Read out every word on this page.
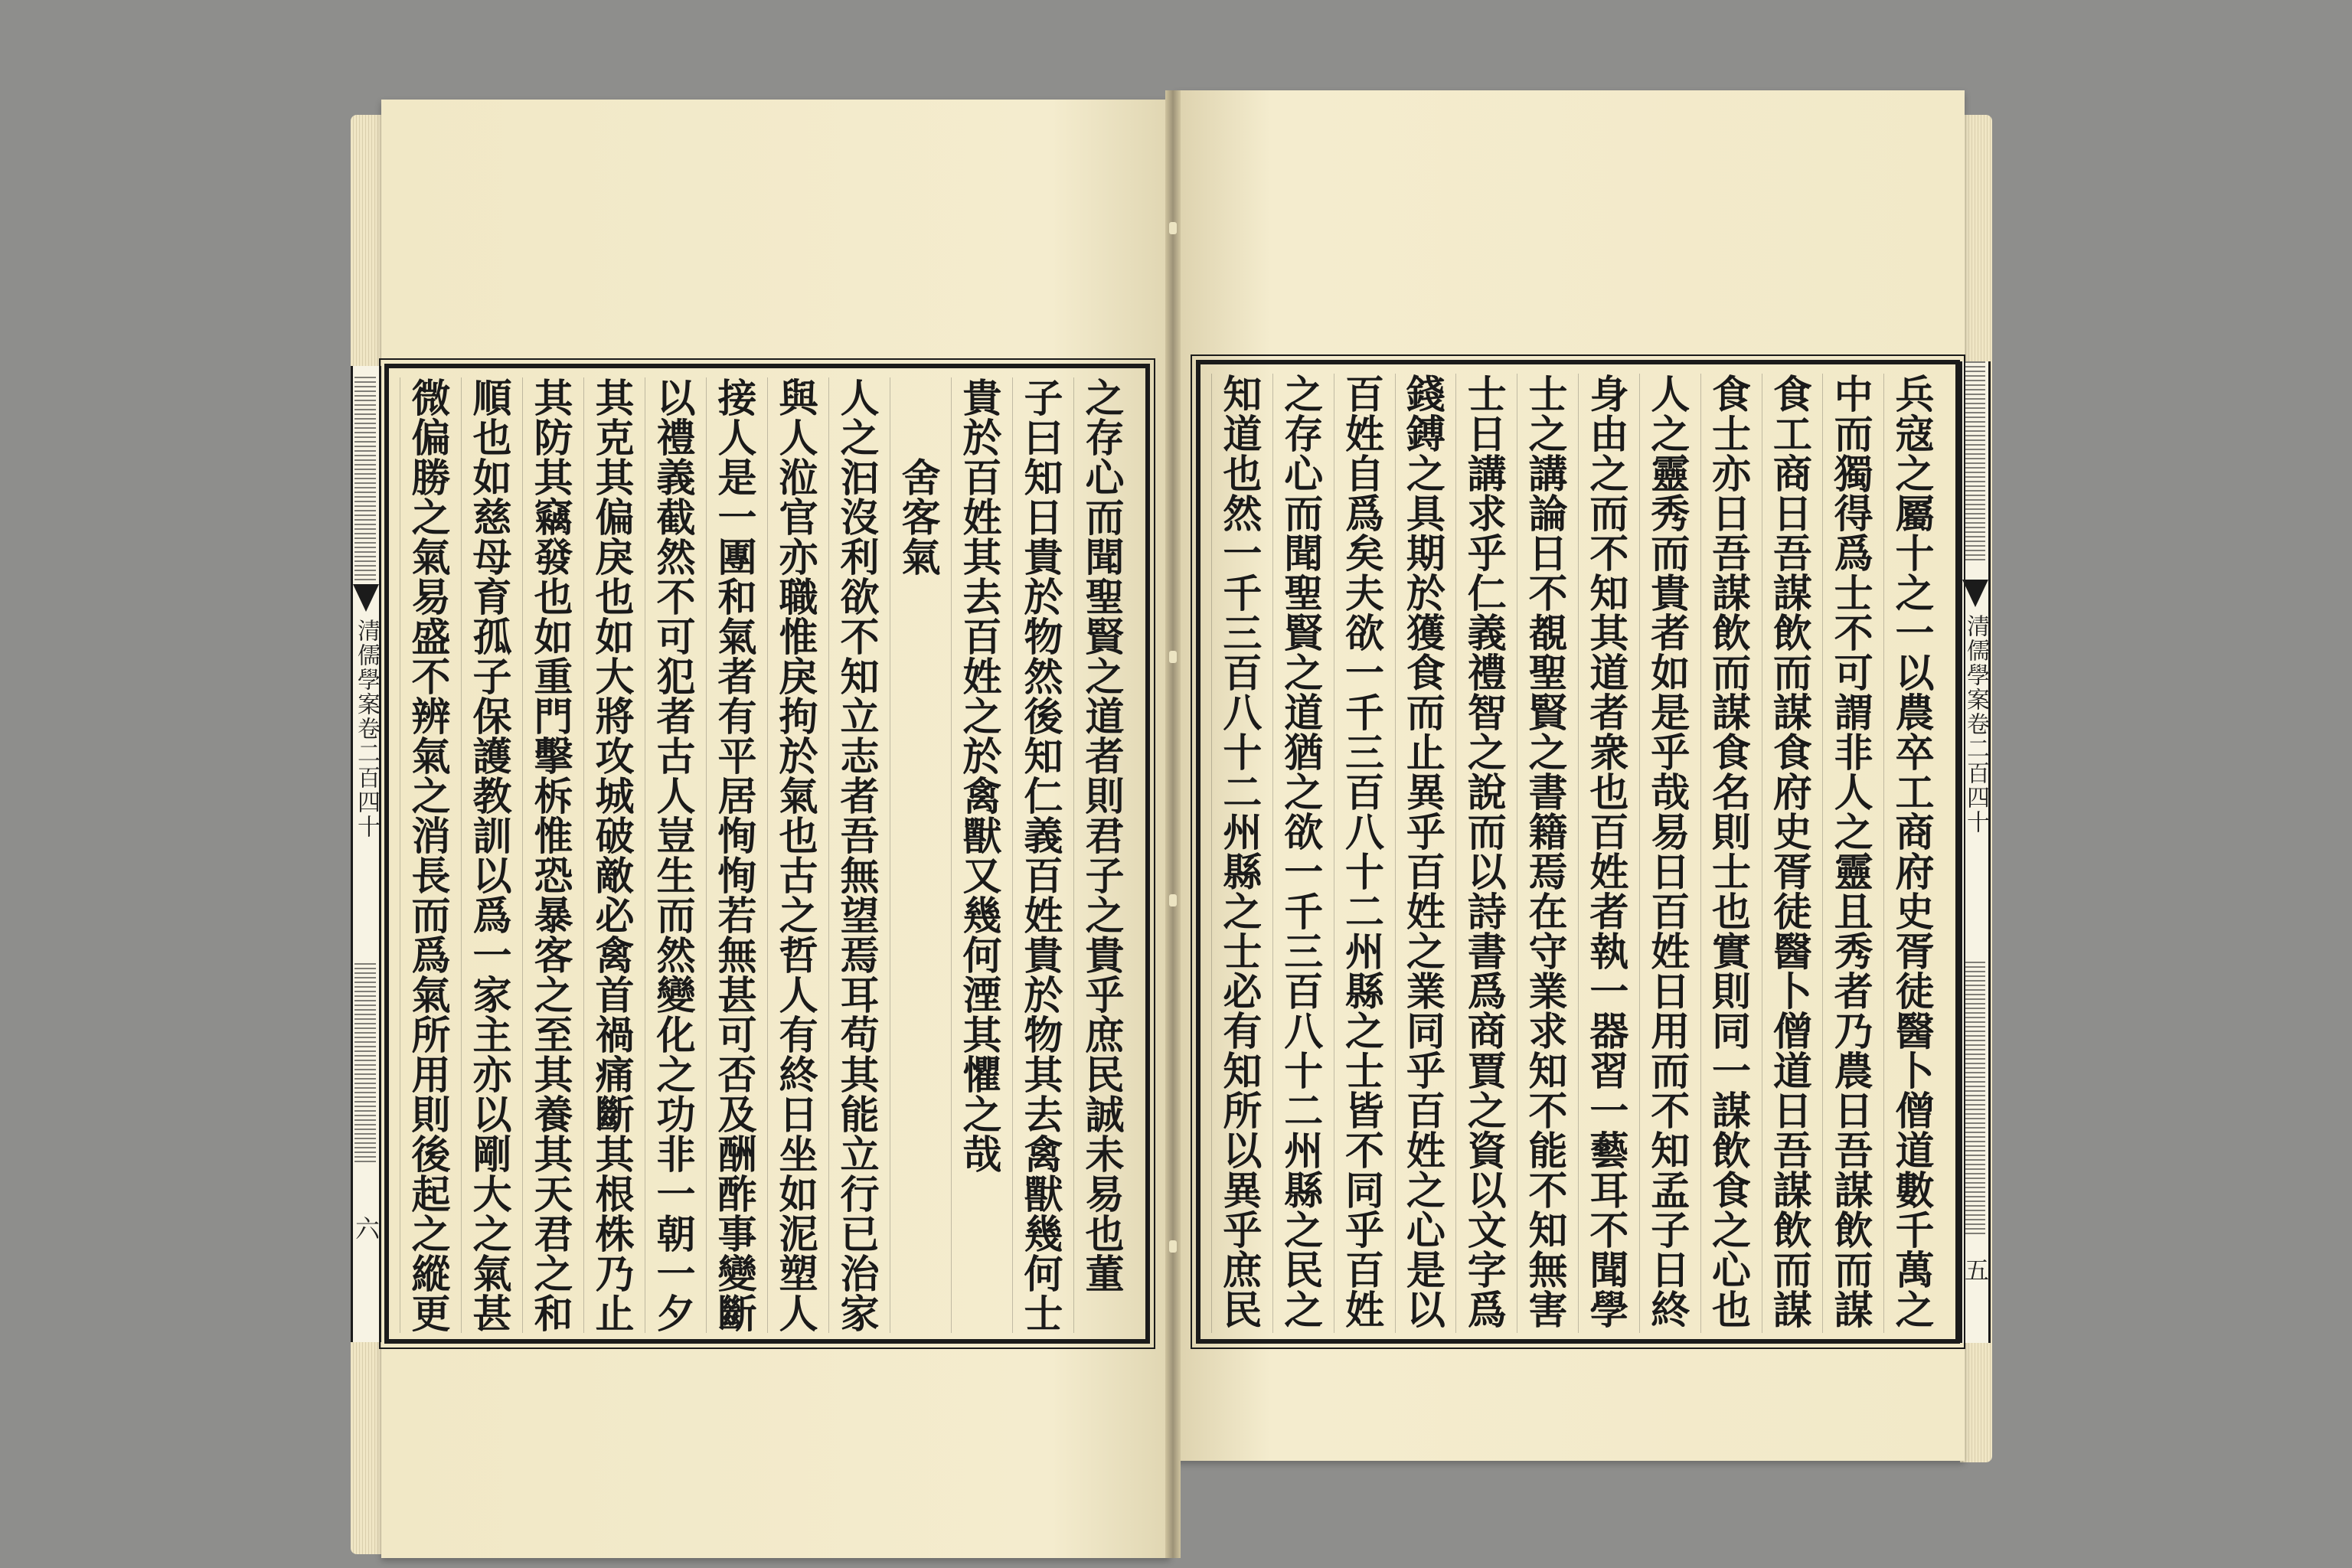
清儒學案卷二百四十
六
清儒學案卷二百四十
五
之存心而聞聖賢之道者則君子之貴乎庶民誠未易也董
子曰知日貴於物然後知仁義百姓貴於物其去禽獸幾何士
貴於百姓其去百姓之於禽獸又幾何湮其懼之哉
舍客氣
人之汩沒利欲不知立志者吾無望焉耳苟其能立行已治家
與人涖官亦職惟戾拘於氣也古之哲人有終日坐如泥塑人
接人是一團和氣者有平居恂恂若無甚可否及酬酢事變斷
以禮義截然不可犯者古人豈生而然變化之功非一朝一夕
其克其偏戾也如大將攻城破敵必禽首禍痛斷其根株乃止
其防其竊發也如重門擊柝惟恐暴客之至其養其天君之和
順也如慈母育孤子保護教訓以爲一家主亦以剛大之氣甚
微偏勝之氣易盛不辨氣之消長而爲氣所用則後起之縱更	兵寇之屬十之一以農卒工商府史胥徒醫卜僧道數千萬之
中而獨得爲士不可謂非人之靈且秀者乃農日吾謀飲而謀
食工商日吾謀飲而謀食府史胥徒醫卜僧道日吾謀飲而謀
食士亦日吾謀飲而謀食名則士也實則同一謀飲食之心也
人之靈秀而貴者如是乎哉易日百姓日用而不知孟子日終
身由之而不知其道者衆也百姓者執一器習一藝耳不聞學
士之講論日不覩聖賢之書籍焉在守業求知不能不知無害
士日講求乎仁義禮智之說而以詩書爲商賈之資以文字爲
錢鎛之具期於獲食而止異乎百姓之業同乎百姓之心是以
百姓自爲矣夫欲一千三百八十二州縣之士皆不同乎百姓
之存心而聞聖賢之道猶之欲一千三百八十二州縣之民之
知道也然一千三百八十二州縣之士必有知所以異乎庶民
